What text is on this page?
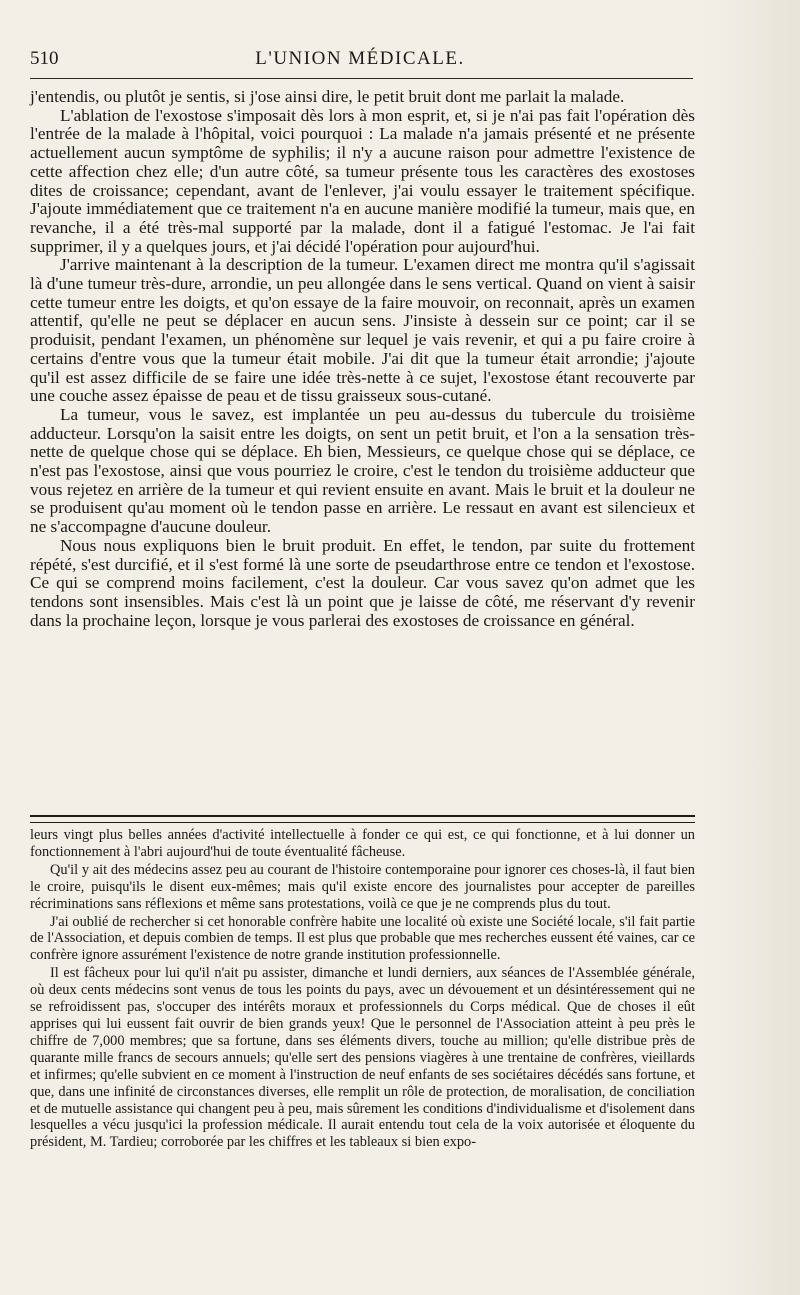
510	L'UNION MÉDICALE.

j'entendis, ou plutôt je sentis, si j'ose ainsi dire, le petit bruit dont me parlait la malade.

L'ablation de l'exostose s'imposait dès lors à mon esprit, et, si je n'ai pas fait l'opération dès l'entrée de la malade à l'hôpital, voici pourquoi : La malade n'a jamais présenté et ne présente actuellement aucun symptôme de syphilis; il n'y a aucune raison pour admettre l'existence de cette affection chez elle; d'un autre côté, sa tumeur présente tous les caractères des exostoses dites de croissance; cependant, avant de l'enlever, j'ai voulu essayer le traitement spécifique. J'ajoute immédiatement que ce traitement n'a en aucune manière modifié la tumeur, mais que, en revanche, il a été très-mal supporté par la malade, dont il a fatigué l'estomac. Je l'ai fait supprimer, il y a quelques jours, et j'ai décidé l'opération pour aujourd'hui.

J'arrive maintenant à la description de la tumeur. L'examen direct me montra qu'il s'agissait là d'une tumeur très-dure, arrondie, un peu allongée dans le sens vertical. Quand on vient à saisir cette tumeur entre les doigts, et qu'on essaye de la faire mouvoir, on reconnait, après un examen attentif, qu'elle ne peut se déplacer en aucun sens. J'insiste à dessein sur ce point; car il se produisit, pendant l'examen, un phénomène sur lequel je vais revenir, et qui a pu faire croire à certains d'entre vous que la tumeur était mobile. J'ai dit que la tumeur était arrondie; j'ajoute qu'il est assez difficile de se faire une idée très-nette à ce sujet, l'exostose étant recouverte par une couche assez épaisse de peau et de tissu graisseux sous-cutané.

La tumeur, vous le savez, est implantée un peu au-dessus du tubercule du troisième adducteur. Lorsqu'on la saisit entre les doigts, on sent un petit bruit, et l'on a la sensation très-nette de quelque chose qui se déplace. Eh bien, Messieurs, ce quelque chose qui se déplace, ce n'est pas l'exostose, ainsi que vous pourriez le croire, c'est le tendon du troisième adducteur que vous rejetez en arrière de la tumeur et qui revient ensuite en avant. Mais le bruit et la douleur ne se produisent qu'au moment où le tendon passe en arrière. Le ressaut en avant est silencieux et ne s'accompagne d'aucune douleur.

Nous nous expliquons bien le bruit produit. En effet, le tendon, par suite du frottement répété, s'est durcifié, et il s'est formé là une sorte de pseudarthrose entre ce tendon et l'exostose. Ce qui se comprend moins facilement, c'est la douleur. Car vous savez qu'on admet que les tendons sont insensibles. Mais c'est là un point que je laisse de côté, me réservant d'y revenir dans la prochaine leçon, lorsque je vous parlerai des exostoses de croissance en général.

leurs vingt plus belles années d'activité intellectuelle à fonder ce qui est, ce qui fonctionne, et à lui donner un fonctionnement à l'abri aujourd'hui de toute éventualité fâcheuse.

Qu'il y ait des médecins assez peu au courant de l'histoire contemporaine pour ignorer ces choses-là, il faut bien le croire, puisqu'ils le disent eux-mêmes; mais qu'il existe encore des journalistes pour accepter de pareilles récriminations sans réflexions et même sans protestations, voilà ce que je ne comprends plus du tout.

J'ai oublié de rechercher si cet honorable confrère habite une localité où existe une Société locale, s'il fait partie de l'Association, et depuis combien de temps. Il est plus que probable que mes recherches eussent été vaines, car ce confrère ignore assurément l'existence de notre grande institution professionnelle.

Il est fâcheux pour lui qu'il n'ait pu assister, dimanche et lundi derniers, aux séances de l'Assemblée générale, où deux cents médecins sont venus de tous les points du pays, avec un dévouement et un désintéressement qui ne se refroidissent pas, s'occuper des intérêts moraux et professionnels du Corps médical. Que de choses il eût apprises qui lui eussent fait ouvrir de bien grands yeux! Que le personnel de l'Association atteint à peu près le chiffre de 7,000 membres; que sa fortune, dans ses éléments divers, touche au million; qu'elle distribue près de quarante mille francs de secours annuels; qu'elle sert des pensions viagères à une trentaine de confrères, vieillards et infirmes; qu'elle subvient en ce moment à l'instruction de neuf enfants de ses sociétaires décédés sans fortune, et que, dans une infinité de circonstances diverses, elle remplit un rôle de protection, de moralisation, de conciliation et de mutuelle assistance qui changent peu à peu, mais sûrement les conditions d'individualisme et d'isolement dans lesquelles a vécu jusqu'ici la profession médicale. Il aurait entendu tout cela de la voix autorisée et éloquente du président, M. Tardieu; corroborée par les chiffres et les tableaux si bien expo-
